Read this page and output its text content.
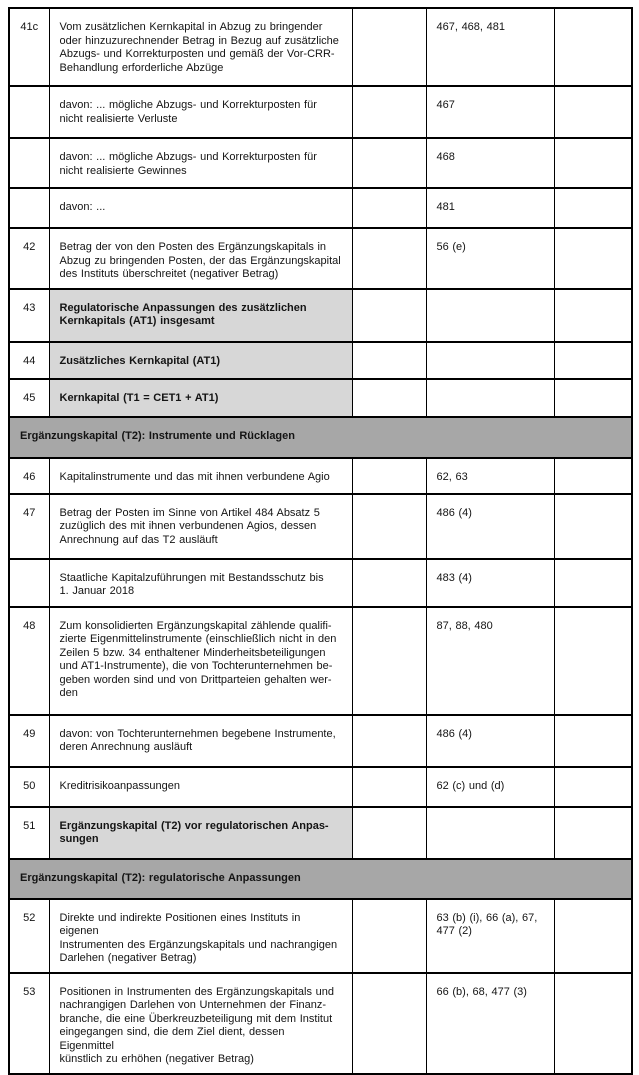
41c	Vom zusätzlichen Kernkapital in Abzug zu bringender
oder hinzuzurechnender Betrag in Bezug auf zusätzliche
Abzugs- und Korrekturposten und gemäß der Vor-CRR-
Behandlung erforderliche Abzüge		467, 468, 481	
	davon: ... mögliche Abzugs- und Korrekturposten für
nicht realisierte Verluste		467	
	davon: ... mögliche Abzugs- und Korrekturposten für
nicht realisierte Gewinnes		468	
	davon: ...		481	
42	Betrag der von den Posten des Ergänzungskapitals in
Abzug zu bringenden Posten, der das Ergänzungskapital
des Instituts überschreitet (negativer Betrag)		56 (e)	
43	Regulatorische Anpassungen des zusätzlichen
Kernkapitals (AT1) insgesamt			
44	Zusätzliches Kernkapital (AT1)			
45	Kernkapital (T1 = CET1 + AT1)			
Ergänzungskapital (T2): Instrumente und Rücklagen				
46	Kapitalinstrumente und das mit ihnen verbundene Agio		62, 63	
47	Betrag der Posten im Sinne von Artikel 484 Absatz 5
zuzüglich des mit ihnen verbundenen Agios, dessen
Anrechnung auf das T2 ausläuft		486 (4)	
	Staatliche Kapitalzuführungen mit Bestandsschutz bis
1. Januar 2018		483 (4)	
48	Zum konsolidierten Ergänzungskapital zählende qualifi-
zierte Eigenmittelinstrumente (einschließlich nicht in den
Zeilen 5 bzw. 34 enthaltener Minderheitsbeteiligungen
und AT1-Instrumente), die von Tochterunternehmen be-
geben worden sind und von Drittparteien gehalten wer-
den		87, 88, 480	
49	davon: von Tochterunternehmen begebene Instrumente,
deren Anrechnung ausläuft		486 (4)	
50	Kreditrisikoanpassungen		62 (c) und (d)	
51	Ergänzungskapital (T2) vor regulatorischen Anpas-
sungen			
Ergänzungskapital (T2): regulatorische Anpassungen				
52	Direkte und indirekte Positionen eines Instituts in eigenen
Instrumenten des Ergänzungskapitals und nachrangigen
Darlehen (negativer Betrag)		63 (b) (i), 66 (a), 67,
477 (2)	
53	Positionen in Instrumenten des Ergänzungskapitals und
nachrangigen Darlehen von Unternehmen der Finanz-
branche, die eine Überkreuzbeteiligung mit dem Institut
eingegangen sind, die dem Ziel dient, dessen Eigenmittel
künstlich zu erhöhen (negativer Betrag)		66 (b), 68, 477 (3)	
